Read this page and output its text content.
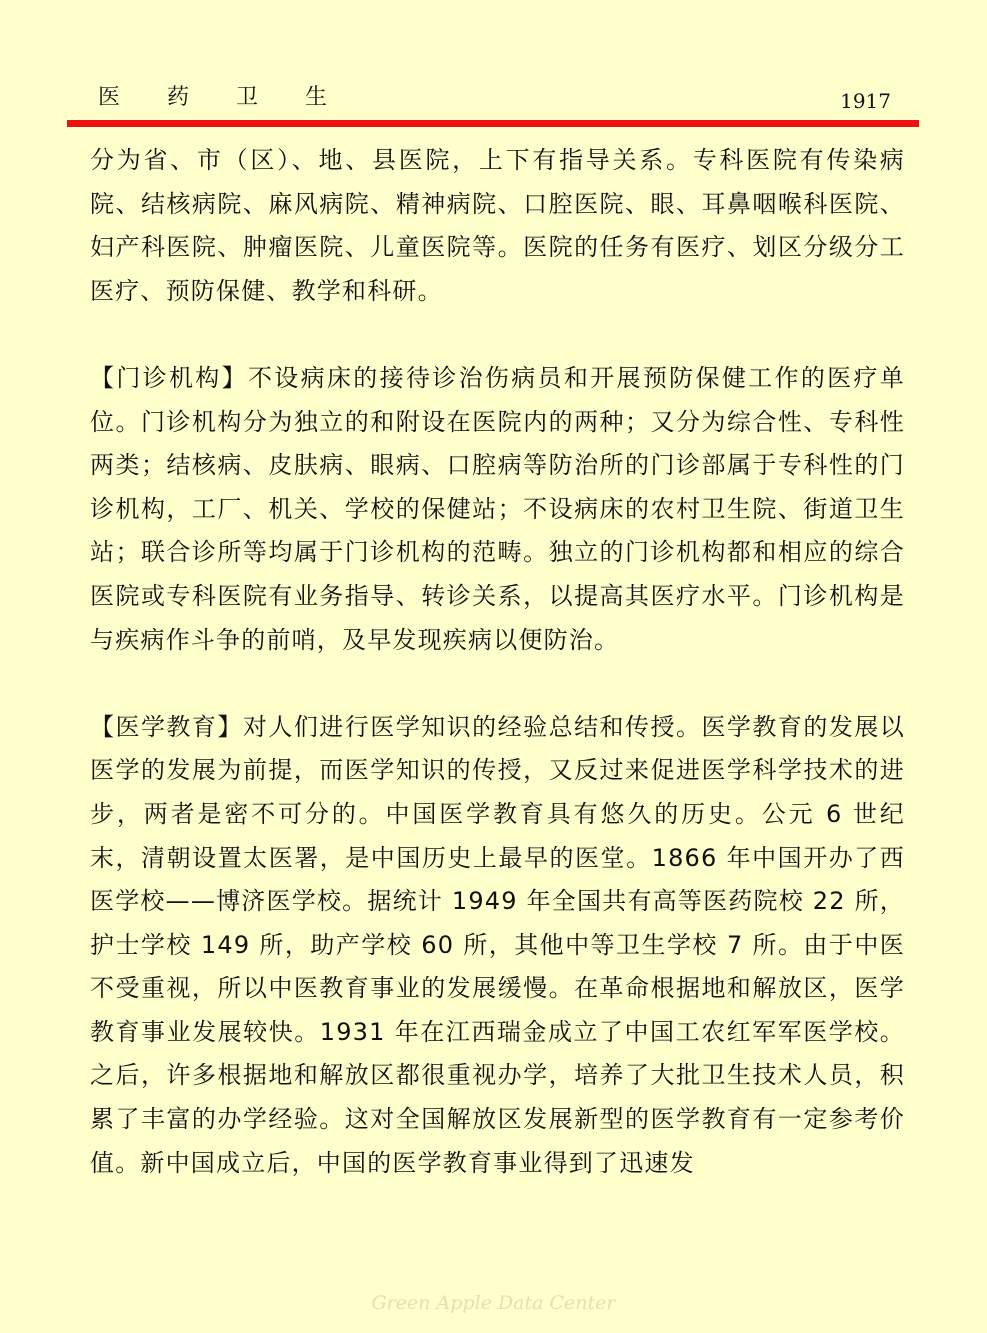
医 药 卫 生	1917

分为省、市（区）、地、县医院，上下有指导关系。专科医院有传染病院、结核病院、麻风病院、精神病院、口腔医院、眼、耳鼻咽喉科医院、妇产科医院、肿瘤医院、儿童医院等。医院的任务有医疗、划区分级分工医疗、预防保健、教学和科研。

【门诊机构】不设病床的接待诊治伤病员和开展预防保健工作的医疗单位。门诊机构分为独立的和附设在医院内的两种；又分为综合性、专科性两类；结核病、皮肤病、眼病、口腔病等防治所的门诊部属于专科性的门诊机构，工厂、机关、学校的保健站；不设病床的农村卫生院、街道卫生站；联合诊所等均属于门诊机构的范畴。独立的门诊机构都和相应的综合医院或专科医院有业务指导、转诊关系，以提高其医疗水平。门诊机构是与疾病作斗争的前哨，及早发现疾病以便防治。

【医学教育】对人们进行医学知识的经验总结和传授。医学教育的发展以医学的发展为前提，而医学知识的传授，又反过来促进医学科学技术的进步，两者是密不可分的。中国医学教育具有悠久的历史。公元 6 世纪末，清朝设置太医署，是中国历史上最早的医堂。1866 年中国开办了西医学校——博济医学校。据统计 1949 年全国共有高等医药院校 22 所，护士学校 149 所，助产学校 60 所，其他中等卫生学校 7 所。由于中医不受重视，所以中医教育事业的发展缓慢。在革命根据地和解放区，医学教育事业发展较快。1931 年在江西瑞金成立了中国工农红军军医学校。之后，许多根据地和解放区都很重视办学，培养了大批卫生技术人员，积累了丰富的办学经验。这对全国解放区发展新型的医学教育有一定参考价值。新中国成立后，中国的医学教育事业得到了迅速发

Green Apple Data Center
